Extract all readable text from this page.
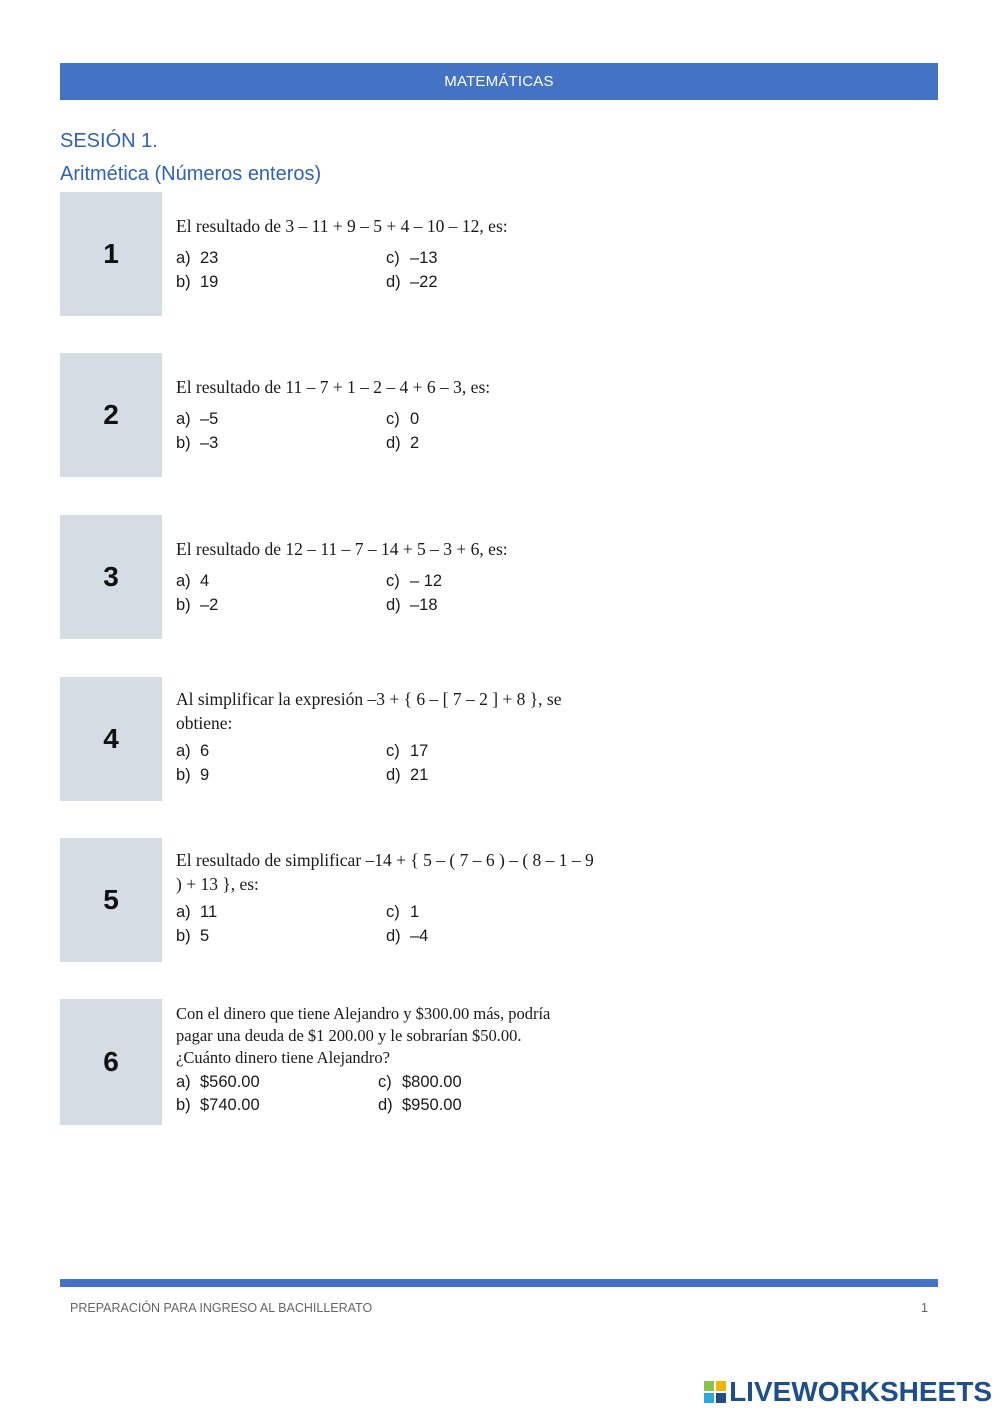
MATEMÁTICAS
SESIÓN 1.
Aritmética (Números enteros)
1
El resultado de 3 – 11 + 9 – 5 + 4 – 10 – 12, es:
a) 23	c) –13
b) 19	d) –22
2
El resultado de 11 – 7 + 1 – 2 – 4 + 6 – 3, es:
a) –5	c) 0
b) –3	d) 2
3
El resultado de 12 – 11 – 7 – 14 + 5 – 3 + 6, es:
a) 4	c) – 12
b) –2	d) –18
4
Al simplificar la expresión –3 + { 6 – [ 7 – 2 ] + 8 }, se obtiene:
a) 6	c) 17
b) 9	d) 21
5
El resultado de simplificar –14 + { 5 – ( 7 – 6 ) – ( 8 – 1 – 9 ) + 13 }, es:
a) 11	c) 1
b) 5	d) –4
6
Con el dinero que tiene Alejandro y $300.00 más, podría pagar una deuda de $1 200.00 y le sobrarían $50.00. ¿Cuánto dinero tiene Alejandro?
a) $560.00	c) $800.00
b) $740.00	d) $950.00
PREPARACIÓN PARA INGRESO AL BACHILLERATO	1
LIVEWORKSHEETS
